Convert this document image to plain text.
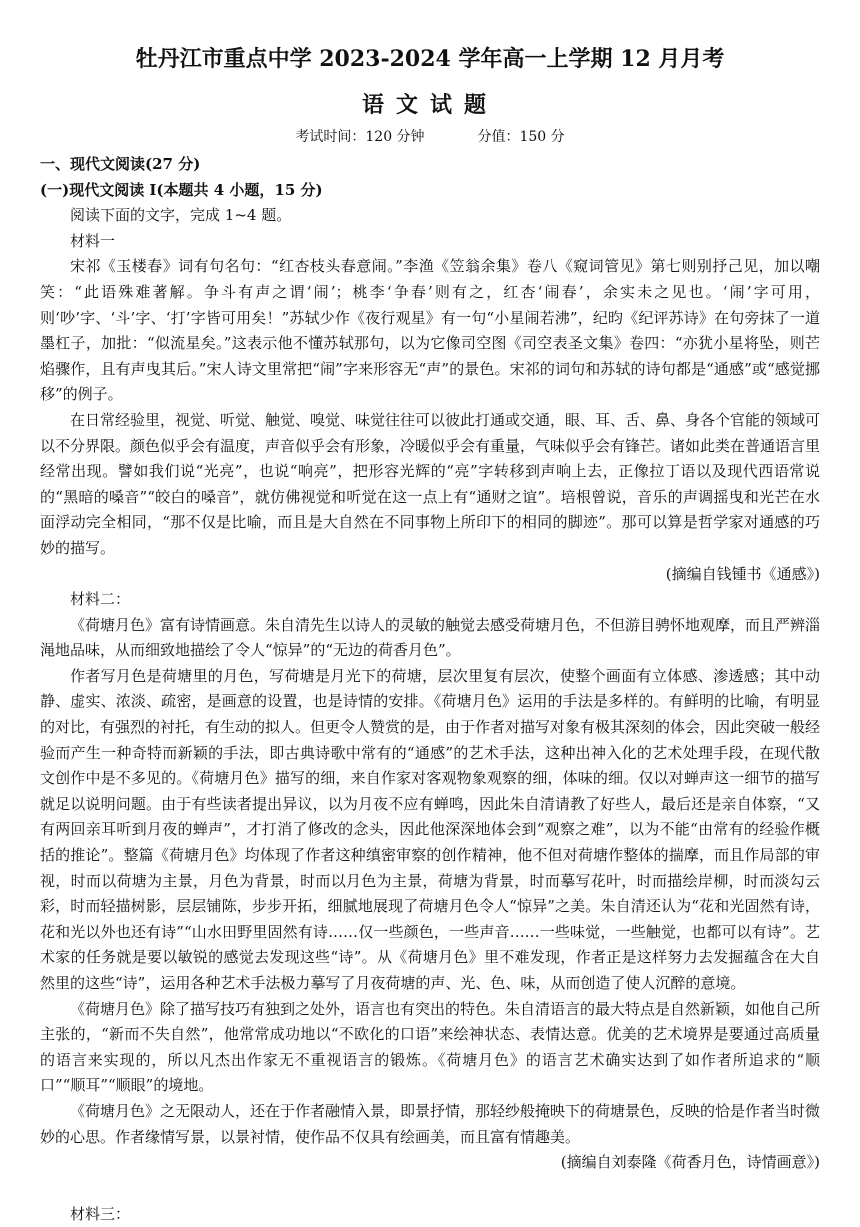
牡丹江市重点中学 2023-2024 学年高一上学期 12 月月考
语文试题
考试时间：120 分钟	分值：150 分

一、现代文阅读(27 分)

(一)现代文阅读 I(本题共 4 小题，15 分)

阅读下面的文字，完成 1~4 题。

材料一

宋祁《玉楼春》词有句名句：“红杏枝头春意闹。”李渔《笠翁余集》卷八《窥词管见》第七则别抒己见，加以嘲笑：“此语殊难著解。争斗有声之谓‘闹’；桃李‘争春’则有之，红杏‘闹春’，余实未之见也。‘闹’字可用，则‘吵’字、‘斗’字、‘打’字皆可用矣！”苏轼少作《夜行观星》有一句“小星闹若沸”，纪昀《纪评苏诗》在句旁抹了一道墨杠子，加批：“似流星矣。”这表示他不懂苏轼那句，以为它像司空图《司空表圣文集》卷四：“亦犹小星将坠，则芒焰骤作，且有声曳其后。”宋人诗文里常把“闹”字来形容无“声”的景色。宋祁的词句和苏轼的诗句都是“通感”或“感觉挪移”的例子。

在日常经验里，视觉、听觉、触觉、嗅觉、味觉往往可以彼此打通或交通，眼、耳、舌、鼻、身各个官能的领域可以不分界限。颜色似乎会有温度，声音似乎会有形象，冷暖似乎会有重量，气味似乎会有锋芒。诸如此类在普通语言里经常出现。譬如我们说“光亮”，也说“响亮”，把形容光辉的“亮”字转移到声响上去，正像拉丁语以及现代西语常说的“黑暗的嗓音”“皎白的嗓音”，就仿佛视觉和听觉在这一点上有“通财之谊”。培根曾说，音乐的声调摇曳和光芒在水面浮动完全相同，“那不仅是比喻，而且是大自然在不同事物上所印下的相同的脚迹”。那可以算是哲学家对通感的巧妙的描写。

(摘编自钱锺书《通感》)

材料二：

《荷塘月色》富有诗情画意。朱自清先生以诗人的灵敏的触觉去感受荷塘月色，不但游目骋怀地观摩，而且严辨淄渑地品味，从而细致地描绘了令人“惊异”的“无边的荷香月色”。

作者写月色是荷塘里的月色，写荷塘是月光下的荷塘，层次里复有层次，使整个画面有立体感、渗透感；其中动静、虚实、浓淡、疏密，是画意的设置，也是诗情的安排。《荷塘月色》运用的手法是多样的。有鲜明的比喻，有明显的对比，有强烈的衬托，有生动的拟人。但更令人赞赏的是，由于作者对描写对象有极其深刻的体会，因此突破一般经验而产生一种奇特而新颖的手法，即古典诗歌中常有的“通感”的艺术手法，这种出神入化的艺术处理手段，在现代散文创作中是不多见的。《荷塘月色》描写的细，来自作家对客观物象观察的细，体味的细。仅以对蝉声这一细节的描写就足以说明问题。由于有些读者提出异议，以为月夜不应有蝉鸣，因此朱自清请教了好些人，最后还是亲自体察，“又有两回亲耳听到月夜的蝉声”，才打消了修改的念头，因此他深深地体会到“观察之难”，以为不能“由常有的经验作概括的推论”。整篇《荷塘月色》均体现了作者这种缜密审察的创作精神，他不但对荷塘作整体的揣摩，而且作局部的审视，时而以荷塘为主景，月色为背景，时而以月色为主景，荷塘为背景，时而摹写花叶，时而描绘岸柳，时而淡勾云彩，时而轻描树影，层层铺陈，步步开拓，细腻地展现了荷塘月色令人“惊异”之美。朱自清还认为“花和光固然有诗，花和光以外也还有诗”“山水田野里固然有诗……仅一些颜色，一些声音……一些味觉，一些触觉，也都可以有诗”。艺术家的任务就是要以敏锐的感觉去发现这些“诗”。从《荷塘月色》里不难发现，作者正是这样努力去发掘蕴含在大自然里的这些“诗”，运用各种艺术手法极力摹写了月夜荷塘的声、光、色、味，从而创造了使人沉醉的意境。

《荷塘月色》除了描写技巧有独到之处外，语言也有突出的特色。朱自清语言的最大特点是自然新颖，如他自己所主张的，“新而不失自然”，他常常成功地以“不欧化的口语”来绘神状态、表情达意。优美的艺术境界是要通过高质量的语言来实现的，所以凡杰出作家无不重视语言的锻炼。《荷塘月色》的语言艺术确实达到了如作者所追求的“顺口”“顺耳”“顺眼”的境地。

《荷塘月色》之无限动人，还在于作者融情入景，即景抒情，那轻纱般掩映下的荷塘景色，反映的恰是作者当时微妙的心思。作者缘情写景，以景衬情，使作品不仅具有绘画美，而且富有情趣美。

(摘编自刘泰隆《荷香月色，诗情画意》)

材料三：
